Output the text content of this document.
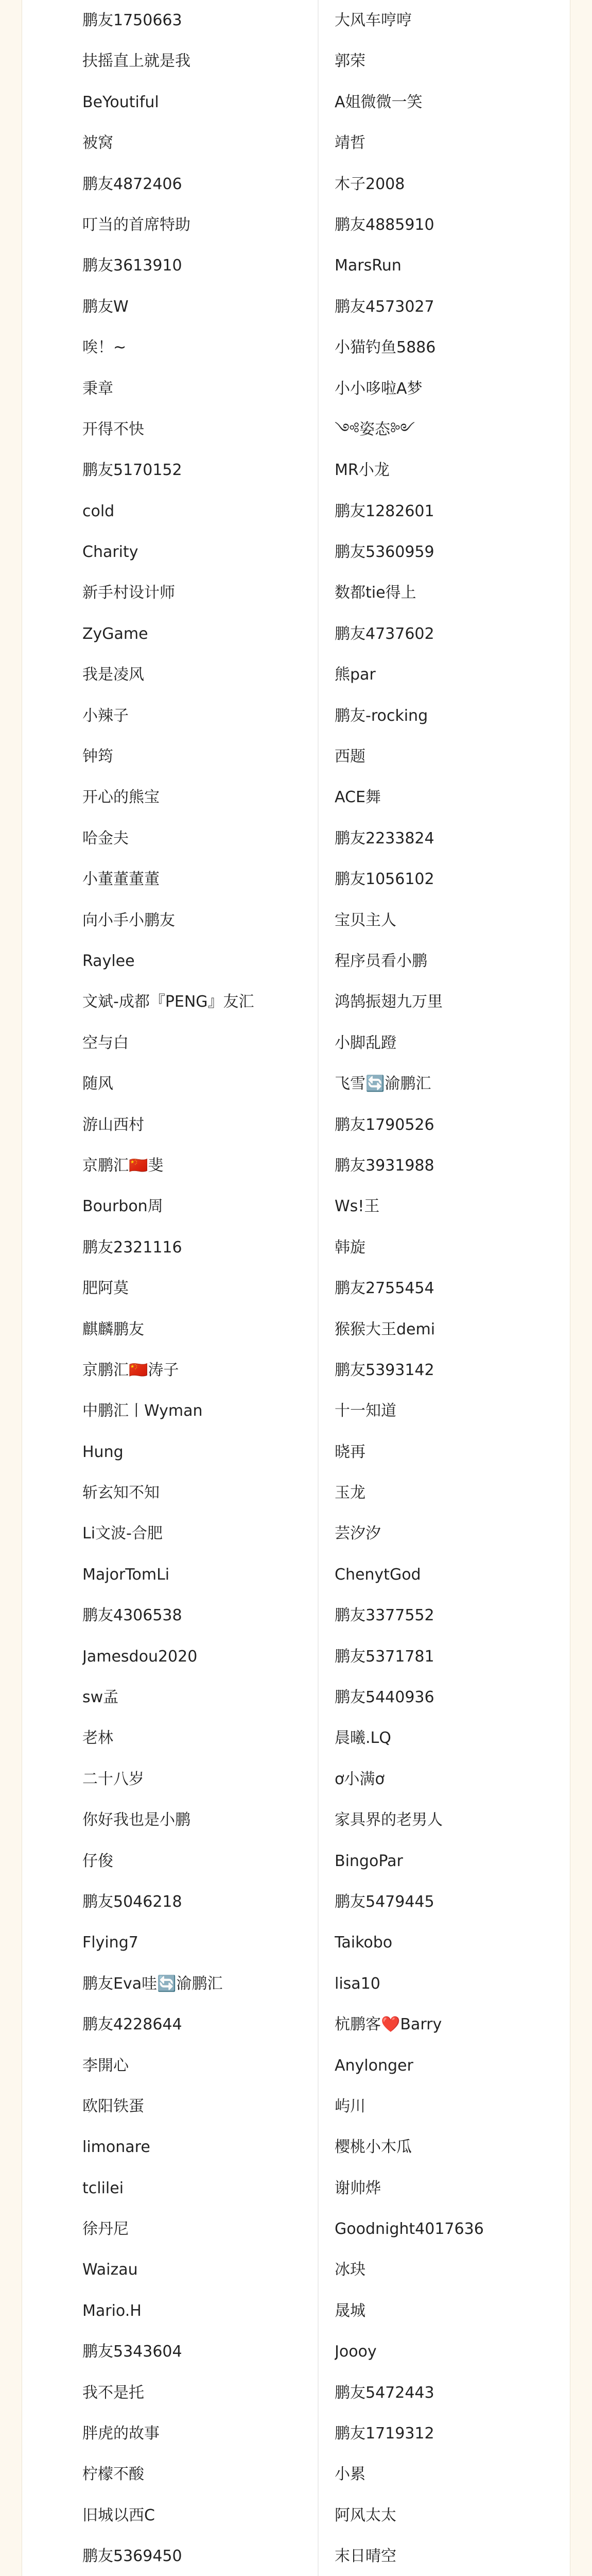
鹏友1750663
扶摇直上就是我
BeYoutiful
被窝
鹏友4872406
叮当的首席特助
鹏友3613910
鹏友W
唉！~
秉章
开得不快
鹏友5170152
cold
Charity
新手村设计师
ZyGame
我是凌风
小辣子
钟筠
开心的熊宝
哈金夫
小董董董董
向小手小鹏友
Raylee
文斌-成都『PENG』友汇
空与白
随风
游山西村
京鹏汇🇨🇳斐
Bourbon周
鹏友2321116
肥阿莫
麒麟鹏友
京鹏汇🇨🇳涛子
中鹏汇丨Wyman
Hung
斩玄知不知
Li文波-合肥
MajorTomLi
鹏友4306538
Jamesdou2020
sw孟
老林
二十八岁
你好我也是小鹏
仔俊
鹏友5046218
Flying7
鹏友Eva哇🔄渝鹏汇
鹏友4228644
李開心
欧阳铁蛋
limonare
tclilei
徐丹尼
Waizau
Mario.H
鹏友5343604
我不是托
胖虎的故事
柠檬不酸
旧城以西C
鹏友5369450
大风车哼哼
郭荣
A姐微微一笑
靖哲
木子2008
鹏友4885910
MarsRun
鹏友4573027
小猫钓鱼5886
小小哆啦A梦
༺姿态༻
MR小龙
鹏友1282601
鹏友5360959
数都tie得上
鹏友4737602
熊par
鹏友-rocking
西题
ACE舞
鹏友2233824
鹏友1056102
宝贝主人
程序员看小鹏
鸿鹄振翅九万里
小脚乱蹬
飞雪🔄渝鹏汇
鹏友1790526
鹏友3931988
Ws!王
韩旋
鹏友2755454
猴猴大王demi
鹏友5393142
十一知道
晓再
玉龙
芸汐汐
ChenytGod
鹏友3377552
鹏友5371781
鹏友5440936
晨曦.LQ
ơ小满ơ
家具界的老男人
BingoPar
鹏友5479445
Taikobo
lisa10
杭鹏客❤️Barry
Anylonger
屿川
樱桃小木瓜
谢帅烨
Goodnight4017636
冰玦
晟城
Joooy
鹏友5472443
鹏友1719312
小累
阿风太太
末日晴空
